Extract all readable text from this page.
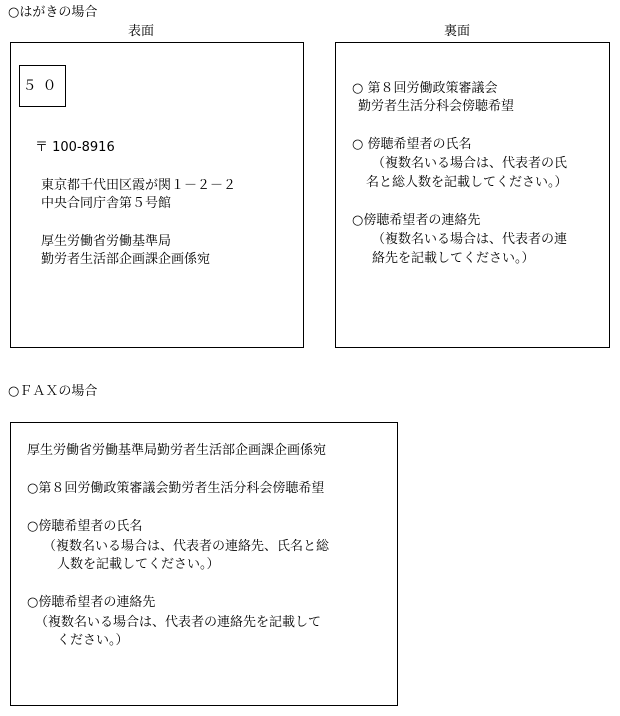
○はがきの場合
表面	裏面
５０
〒 100-8916
東京都千代田区霞が関１－２－２
中央合同庁舎第５号館
厚生労働省労働基準局
勤労者生活部企画課企画係宛
○ 第８回労働政策審議会
勤労者生活分科会傍聴希望
○ 傍聴希望者の氏名
（複数名いる場合は、代表者の氏
名と総人数を記載してください。）
○傍聴希望者の連絡先
（複数名いる場合は、代表者の連
絡先を記載してください。）
○ＦＡＸの場合
厚生労働省労働基準局勤労者生活部企画課企画係宛
○第８回労働政策審議会勤労者生活分科会傍聴希望
○傍聴希望者の氏名
（複数名いる場合は、代表者の連絡先、氏名と総
人数を記載してください。）
○傍聴希望者の連絡先
（複数名いる場合は、代表者の連絡先を記載して
ください。）
